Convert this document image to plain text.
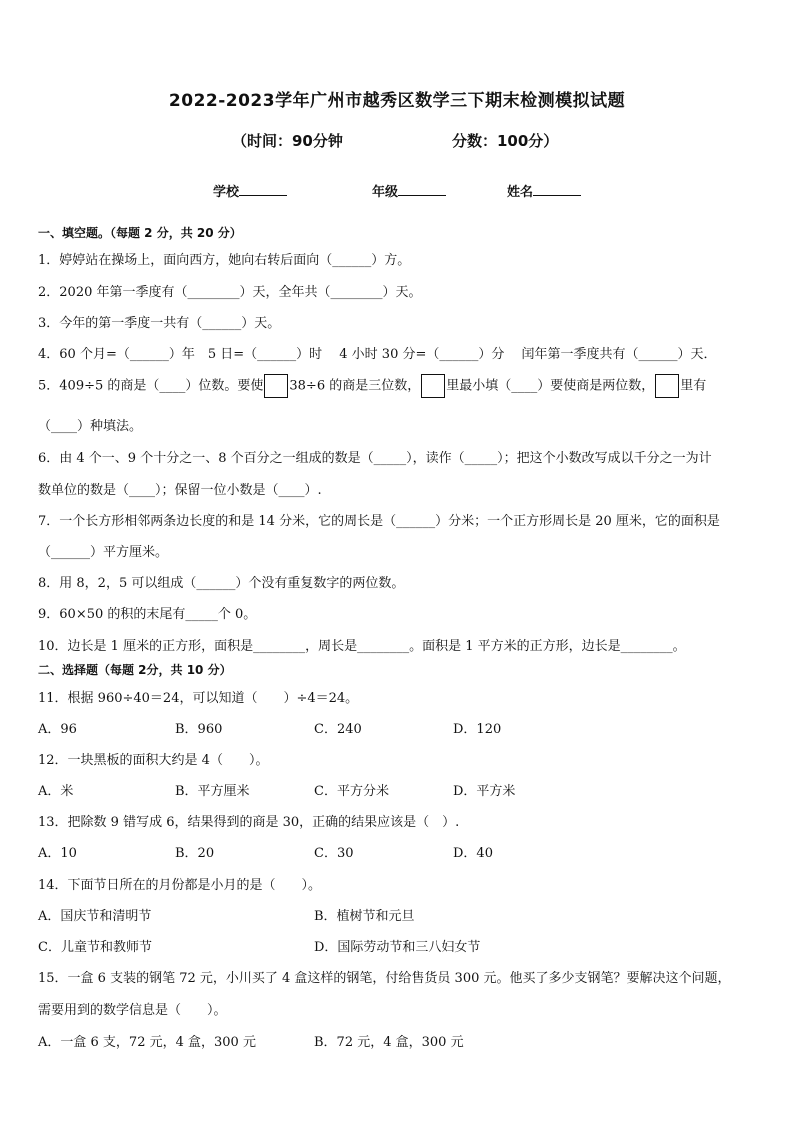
2022-2023学年广州市越秀区数学三下期末检测模拟试题
（时间：90分钟	分数：100分）
学校	年级	姓名
一、填空题。（每题 2 分，共 20 分）
1．婷婷站在操场上，面向西方，她向右转后面向（______）方。
2．2020 年第一季度有（________）天，全年共（________）天。
3．今年的第一季度一共有（______）天。
4．60 个月=（______）年　5 日=（______）时　 4 小时 30 分=（______）分　 闰年第一季度共有（______）天．
5．409÷5 的商是（____）位数。要使 38÷6 的商是三位数， 里最小填（____）要使商是两位数， 里有
（____）种填法。
6．由 4 个一、9 个十分之一、8 个百分之一组成的数是（_____），读作（_____）；把这个小数改写成以千分之一为计
数单位的数是（____）；保留一位小数是（____）.
7．一个长方形相邻两条边长度的和是 14 分米，它的周长是（______）分米；一个正方形周长是 20 厘米，它的面积是
（______）平方厘米。
8．用 8，2，5 可以组成（______）个没有重复数字的两位数。
9．60×50 的积的末尾有_____个 0。
10．边长是 1 厘米的正方形，面积是________，周长是________。面积是 1 平方米的正方形，边长是________。
二、选择题（每题 2分，共 10 分）
11．根据 960÷40＝24，可以知道（　　）÷4＝24。
A．96	B．960	C．240	D．120
12．一块黑板的面积大约是 4（　　）。
A．米	B．平方厘米	C．平方分米	D．平方米
13．把除数 9 错写成 6，结果得到的商是 30，正确的结果应该是（　）.
A．10	B．20	C．30	D．40
14．下面节日所在的月份都是小月的是（　　）。
A．国庆节和清明节	B．植树节和元旦
C．儿童节和教师节	D．国际劳动节和三八妇女节
15．一盒 6 支装的钢笔 72 元，小川买了 4 盒这样的钢笔，付给售货员 300 元。他买了多少支钢笔？要解决这个问题，
需要用到的数学信息是（　　）。
A．一盒 6 支，72 元，4 盒，300 元	B．72 元，4 盒，300 元
